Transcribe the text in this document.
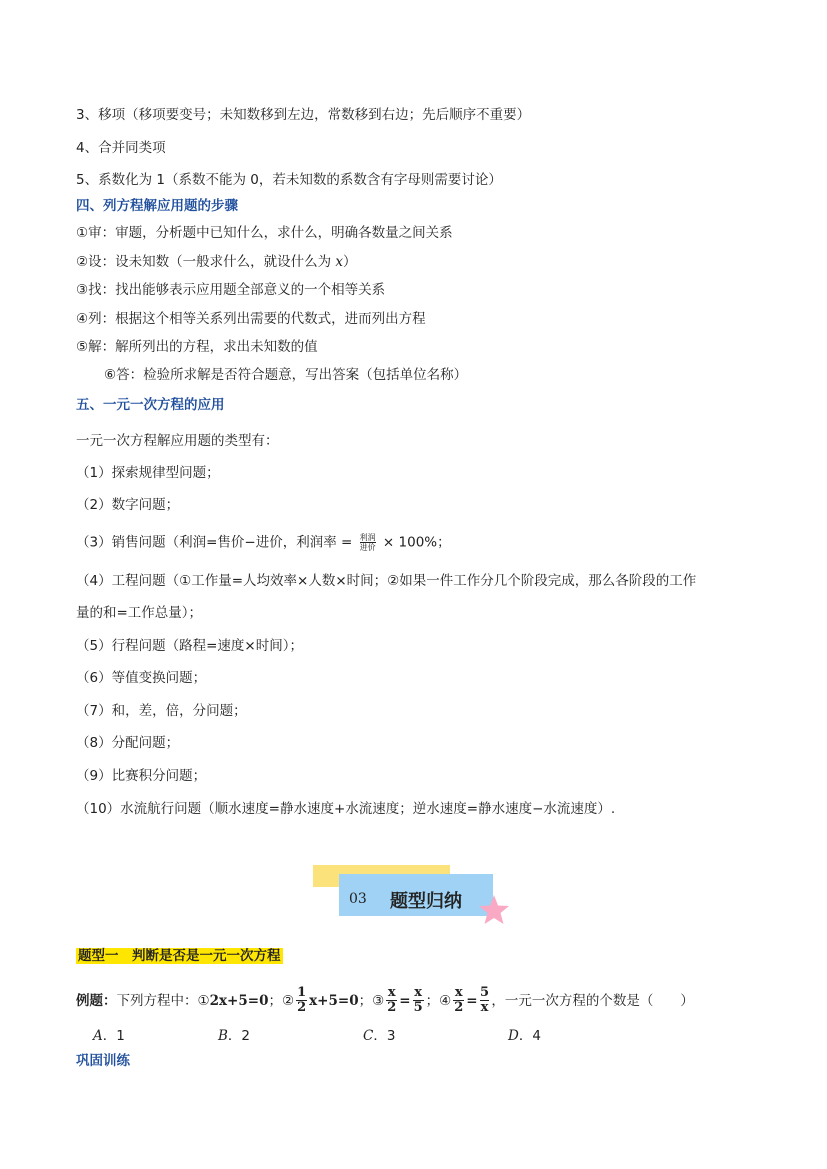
3、移项（移项要变号；未知数移到左边，常数移到右边；先后顺序不重要）
4、合并同类项
5、系数化为 1（系数不能为 0，若未知数的系数含有字母则需要讨论）
四、列方程解应用题的步骤
①审：审题，分析题中已知什么，求什么，明确各数量之间关系
②设：设未知数（一般求什么，就设什么为 x）
③找：找出能够表示应用题全部意义的一个相等关系
④列：根据这个相等关系列出需要的代数式，进而列出方程
⑤解：解所列出的方程，求出未知数的值
⑥答：检验所求解是否符合题意，写出答案（包括单位名称）
五、一元一次方程的应用
一元一次方程解应用题的类型有：
（1）探索规律型问题；
（2）数字问题；
（3）销售问题（利润=售价−进价，利润率 = $\frac{\text{利润}}{\text{进价}} \times 100\%$；
（4）工程问题（①工作量=人均效率×人数×时间；②如果一件工作分几个阶段完成，那么各阶段的工作
量的和=工作总量）；
（5）行程问题（路程=速度×时间）；
（6）等值变换问题；
（7）和，差，倍，分问题；
（8）分配问题；
（9）比赛积分问题；
（10）水流航行问题（顺水速度=静水速度+水流速度；逆水速度=静水速度−水流速度）.
03 题型归纳
题型一　判断是否是一元一次方程
例题： 下列方程中： ① 2x+5=0 ； ② $\frac{1}{2} x+5=0$ ； ③ $\frac{x}{2} = \frac{x}{5}$ ； ④ $\frac{x}{2} = \frac{5}{x}$ ，一元一次方程的个数是（　　）
A．1	B．2	C．3	D．4
巩固训练
